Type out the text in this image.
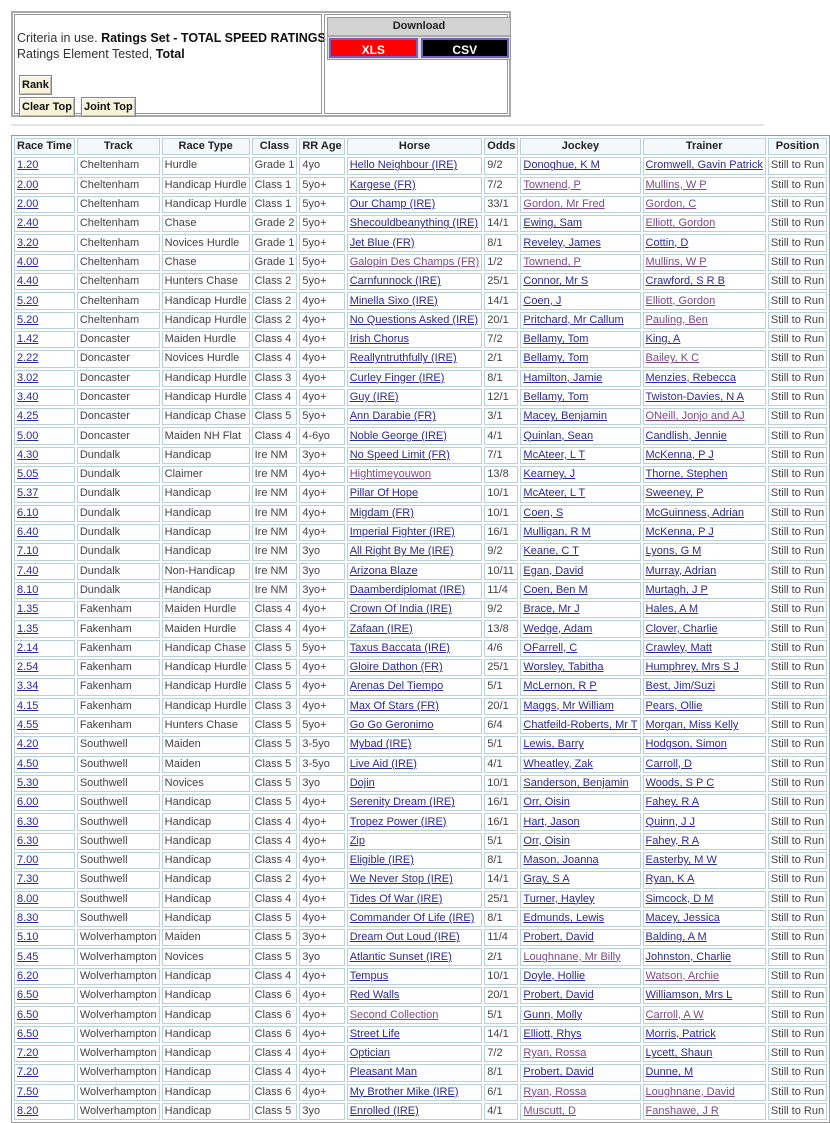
Criteria in use. Ratings Set - TOTAL SPEED RATINGS
Ratings Element Tested, Total
Rank
Clear Top Joint Top
Download
XLS	CSV
Race Time	Track	Race Type	Class	RR Age	Horse	Odds	Jockey	Trainer	Position
1.20	Cheltenham	Hurdle	Grade 1	4yo	Hello Neighbour (IRE)	9/2	Donoghue, K M	Cromwell, Gavin Patrick	Still to Run
2.00	Cheltenham	Handicap Hurdle	Class 1	5yo+	Kargese (FR)	7/2	Townend, P	Mullins, W P	Still to Run
2.00	Cheltenham	Handicap Hurdle	Class 1	5yo+	Our Champ (IRE)	33/1	Gordon, Mr Fred	Gordon, C	Still to Run
2.40	Cheltenham	Chase	Grade 2	5yo+	Shecouldbeanything (IRE)	14/1	Ewing, Sam	Elliott, Gordon	Still to Run
3.20	Cheltenham	Novices Hurdle	Grade 1	5yo+	Jet Blue (FR)	8/1	Reveley, James	Cottin, D	Still to Run
4.00	Cheltenham	Chase	Grade 1	5yo+	Galopin Des Champs (FR)	1/2	Townend, P	Mullins, W P	Still to Run
4.40	Cheltenham	Hunters Chase	Class 2	5yo+	Carnfunnock (IRE)	25/1	Connor, Mr S	Crawford, S R B	Still to Run
5.20	Cheltenham	Handicap Hurdle	Class 2	4yo+	Minella Sixo (IRE)	14/1	Coen, J	Elliott, Gordon	Still to Run
5.20	Cheltenham	Handicap Hurdle	Class 2	4yo+	No Questions Asked (IRE)	20/1	Pritchard, Mr Callum	Pauling, Ben	Still to Run
1.42	Doncaster	Maiden Hurdle	Class 4	4yo+	Irish Chorus	7/2	Bellamy, Tom	King, A	Still to Run
2.22	Doncaster	Novices Hurdle	Class 4	4yo+	Reallyntruthfully (IRE)	2/1	Bellamy, Tom	Bailey, K C	Still to Run
3.02	Doncaster	Handicap Hurdle	Class 3	4yo+	Curley Finger (IRE)	8/1	Hamilton, Jamie	Menzies, Rebecca	Still to Run
3.40	Doncaster	Handicap Hurdle	Class 4	4yo+	Guy (IRE)	12/1	Bellamy, Tom	Twiston-Davies, N A	Still to Run
4.25	Doncaster	Handicap Chase	Class 5	5yo+	Ann Darabie (FR)	3/1	Macey, Benjamin	ONeill, Jonjo and AJ	Still to Run
5.00	Doncaster	Maiden NH Flat	Class 4	4-6yo	Noble George (IRE)	4/1	Quinlan, Sean	Candlish, Jennie	Still to Run
4.30	Dundalk	Handicap	Ire NM	3yo+	No Speed Limit (FR)	7/1	McAteer, L T	McKenna, P J	Still to Run
5.05	Dundalk	Claimer	Ire NM	4yo+	Hightimeyouwon	13/8	Kearney, J	Thorne, Stephen	Still to Run
5.37	Dundalk	Handicap	Ire NM	4yo+	Pillar Of Hope	10/1	McAteer, L T	Sweeney, P	Still to Run
6.10	Dundalk	Handicap	Ire NM	4yo+	Migdam (FR)	10/1	Coen, S	McGuinness, Adrian	Still to Run
6.40	Dundalk	Handicap	Ire NM	4yo+	Imperial Fighter (IRE)	16/1	Mulligan, R M	McKenna, P J	Still to Run
7.10	Dundalk	Handicap	Ire NM	3yo	All Right By Me (IRE)	9/2	Keane, C T	Lyons, G M	Still to Run
7.40	Dundalk	Non-Handicap	Ire NM	3yo	Arizona Blaze	10/11	Egan, David	Murray, Adrian	Still to Run
8.10	Dundalk	Handicap	Ire NM	3yo+	Daamberdiplomat (IRE)	11/4	Coen, Ben M	Murtagh, J P	Still to Run
1.35	Fakenham	Maiden Hurdle	Class 4	4yo+	Crown Of India (IRE)	9/2	Brace, Mr J	Hales, A M	Still to Run
1.35	Fakenham	Maiden Hurdle	Class 4	4yo+	Zafaan (IRE)	13/8	Wedge, Adam	Clover, Charlie	Still to Run
2.14	Fakenham	Handicap Chase	Class 5	5yo+	Taxus Baccata (IRE)	4/6	OFarrell, C	Crawley, Matt	Still to Run
2.54	Fakenham	Handicap Hurdle	Class 5	4yo+	Gloire Dathon (FR)	25/1	Worsley, Tabitha	Humphrey, Mrs S J	Still to Run
3.34	Fakenham	Handicap Hurdle	Class 5	4yo+	Arenas Del Tiempo	5/1	McLernon, R P	Best, Jim/Suzi	Still to Run
4.15	Fakenham	Handicap Hurdle	Class 3	4yo+	Max Of Stars (FR)	20/1	Maggs, Mr William	Pears, Ollie	Still to Run
4.55	Fakenham	Hunters Chase	Class 5	5yo+	Go Go Geronimo	6/4	Chatfeild-Roberts, Mr T	Morgan, Miss Kelly	Still to Run
4.20	Southwell	Maiden	Class 5	3-5yo	Mybad (IRE)	5/1	Lewis, Barry	Hodgson, Simon	Still to Run
4.50	Southwell	Maiden	Class 5	3-5yo	Live Aid (IRE)	4/1	Wheatley, Zak	Carroll, D	Still to Run
5.30	Southwell	Novices	Class 5	3yo	Dojin	10/1	Sanderson, Benjamin	Woods, S P C	Still to Run
6.00	Southwell	Handicap	Class 5	4yo+	Serenity Dream (IRE)	16/1	Orr, Oisin	Fahey, R A	Still to Run
6.30	Southwell	Handicap	Class 4	4yo+	Tropez Power (IRE)	16/1	Hart, Jason	Quinn, J J	Still to Run
6.30	Southwell	Handicap	Class 4	4yo+	Zip	5/1	Orr, Oisin	Fahey, R A	Still to Run
7.00	Southwell	Handicap	Class 4	4yo+	Eligible (IRE)	8/1	Mason, Joanna	Easterby, M W	Still to Run
7.30	Southwell	Handicap	Class 2	4yo+	We Never Stop (IRE)	14/1	Gray, S A	Ryan, K A	Still to Run
8.00	Southwell	Handicap	Class 4	4yo+	Tides Of War (IRE)	25/1	Turner, Hayley	Simcock, D M	Still to Run
8.30	Southwell	Handicap	Class 5	4yo+	Commander Of Life (IRE)	8/1	Edmunds, Lewis	Macey, Jessica	Still to Run
5.10	Wolverhampton	Maiden	Class 5	3yo+	Dream Out Loud (IRE)	11/4	Probert, David	Balding, A M	Still to Run
5.45	Wolverhampton	Novices	Class 5	3yo	Atlantic Sunset (IRE)	2/1	Loughnane, Mr Billy	Johnston, Charlie	Still to Run
6.20	Wolverhampton	Handicap	Class 4	4yo+	Tempus	10/1	Doyle, Hollie	Watson, Archie	Still to Run
6.50	Wolverhampton	Handicap	Class 6	4yo+	Red Walls	20/1	Probert, David	Williamson, Mrs L	Still to Run
6.50	Wolverhampton	Handicap	Class 6	4yo+	Second Collection	5/1	Gunn, Molly	Carroll, A W	Still to Run
6.50	Wolverhampton	Handicap	Class 6	4yo+	Street Life	14/1	Elliott, Rhys	Morris, Patrick	Still to Run
7.20	Wolverhampton	Handicap	Class 4	4yo+	Optician	7/2	Ryan, Rossa	Lycett, Shaun	Still to Run
7.20	Wolverhampton	Handicap	Class 4	4yo+	Pleasant Man	8/1	Probert, David	Dunne, M	Still to Run
7.50	Wolverhampton	Handicap	Class 6	4yo+	My Brother Mike (IRE)	6/1	Ryan, Rossa	Loughnane, David	Still to Run
8.20	Wolverhampton	Handicap	Class 5	3yo	Enrolled (IRE)	4/1	Muscutt, D	Fanshawe, J R	Still to Run
